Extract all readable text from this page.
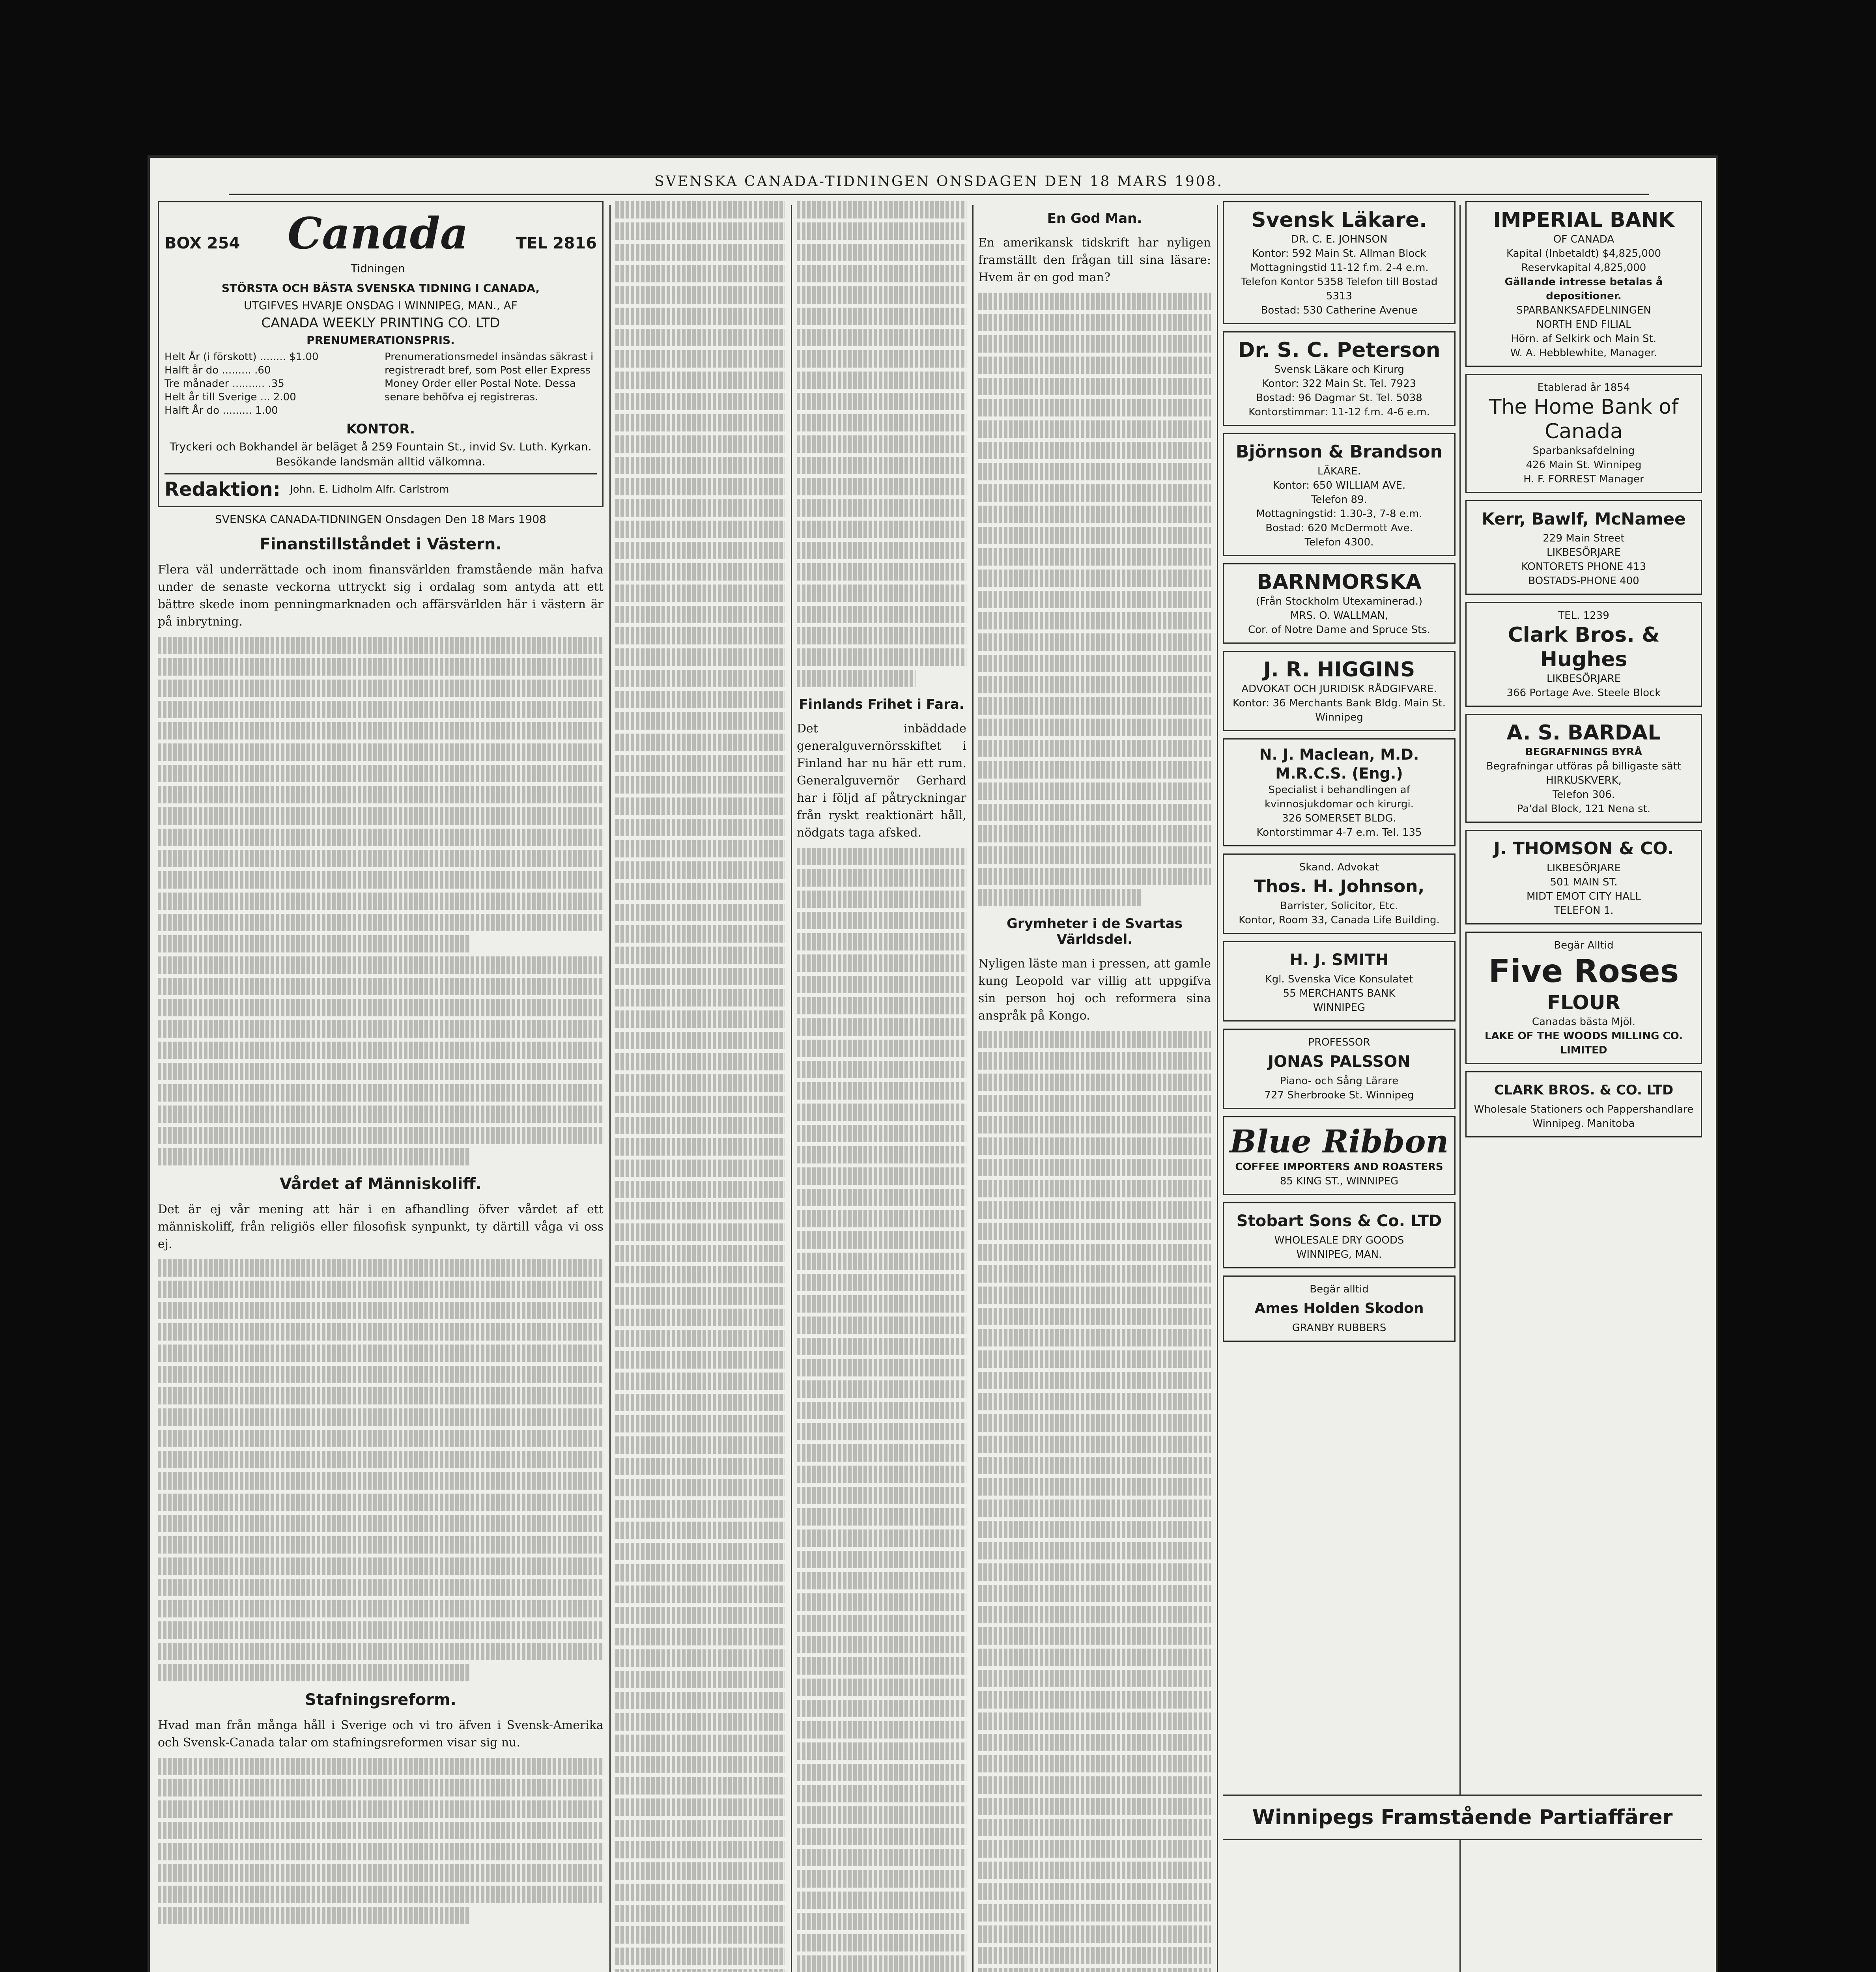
SVENSKA CANADA-TIDNINGEN ONSDAGEN DEN 18 MARS 1908.
BOX 254 Canada
Tidningen
TEL 2816
STÖRSTA OCH BÄSTA SVENSKA TIDNING I CANADA,
UTGIFVES HVARJE ONSDAG I WINNIPEG, MAN., AF
CANADA WEEKLY PRINTING CO. LTD
PRENUMERATIONSPRIS.
Helt År (i förskott) ........ $1.00
Halft år do ......... .60
Tre månader .......... .35
Helt år till Sverige ... 2.00
Halft År do ......... 1.00
Prenumerationsmedel insändas säkrast i registreradt bref, som Post eller Express Money Order eller Postal Note. Dessa senare behöfva ej registreras.
KONTOR.
Tryckeri och Bokhandel är beläget å 259 Fountain St., invid Sv. Luth. Kyrkan. Besökande landsmän alltid välkomna.
Redaktion: John. E. Lidholm Alfr. Carlstrom
SVENSKA CANADA-TIDNINGEN Onsdagen Den 18 Mars 1908
Finanstillståndet i Västern.

Flera väl underrättade och inom finansvärlden framstående män hafva under de senaste veckorna uttryckt sig i ordalag som antyda att ett bättre skede inom penningmarknaden och affärsvärlden här i västern är på inbrytning.

Vårdet af Människoliff.

Det är ej vår mening att här i en afhandling öfver vårdet af ett människoliff, från religiös eller filosofisk synpunkt, ty därtill våga vi oss ej.

Stafningsreform.

Hvad man från många håll i Sverige och vi tro äfven i Svensk-Amerika och Svensk-Canada talar om stafningsreformen visar sig nu.

Finlands Frihet i Fara.

Det inbäddade generalguvernörsskiftet i Finland har nu här ett rum. Generalguvernör Gerhard har i följd af påtryckningar från ryskt reaktionärt håll, nödgats taga afsked.

En God Man.

En amerikansk tidskrift har nyligen framställt den frågan till sina läsare: Hvem är en god man?

Grymheter i de Svartas Världsdel.

Nyligen läste man i pressen, att gamle kung Leopold var villig att uppgifva sin person hoj och reformera sina anspråk på Kongo.

Svensk Läkare.
DR. C. E. JOHNSON
Kontor: 592 Main St. Allman Block
Mottagningstid 11-12 f.m. 2-4 e.m.
Telefon Kontor 5358 Telefon till Bostad 5313
Bostad: 530 Catherine Avenue
Dr. S. C. Peterson
Svensk Läkare och Kirurg
Kontor: 322 Main St. Tel. 7923
Bostad: 96 Dagmar St. Tel. 5038
Kontorstimmar: 11-12 f.m. 4-6 e.m.
Björnson & Brandson
LÄKARE.
Kontor: 650 WILLIAM AVE.
Telefon 89.
Mottagningstid: 1.30-3, 7-8 e.m.
Bostad: 620 McDermott Ave.
Telefon 4300.
BARNMORSKA
(Från Stockholm Utexaminerad.)
MRS. O. WALLMAN,
Cor. of Notre Dame and Spruce Sts.
J. R. HIGGINS
ADVOKAT OCH JURIDISK RÅDGIFVARE.
Kontor: 36 Merchants Bank Bldg. Main St. Winnipeg
N. J. Maclean, M.D. M.R.C.S. (Eng.)
Specialist i behandlingen af kvinnosjukdomar och kirurgi.
326 SOMERSET BLDG.
Kontorstimmar 4-7 e.m. Tel. 135
Skand. Advokat
Thos. H. Johnson,
Barrister, Solicitor, Etc.
Kontor, Room 33, Canada Life Building.
H. J. SMITH
Kgl. Svenska Vice Konsulatet
55 MERCHANTS BANK
WINNIPEG
PROFESSOR
JONAS PALSSON
Piano- och Sång Lärare
727 Sherbrooke St. Winnipeg
Blue Ribbon
COFFEE IMPORTERS AND ROASTERS
85 KING ST., WINNIPEG
Stobart Sons & Co. LTD
WHOLESALE DRY GOODS
WINNIPEG, MAN.
Begär alltid
Ames Holden Skodon
GRANBY RUBBERS
IMPERIAL BANK
OF CANADA
Kapital (Inbetaldt) $4,825,000
Reservkapital 4,825,000
Gällande intresse betalas å depositioner.
SPARBANKSAFDELNINGEN
NORTH END FILIAL
Hörn. af Selkirk och Main St.
W. A. Hebblewhite, Manager.
Etablerad år 1854
The Home Bank of Canada
Sparbanksafdelning
426 Main St. Winnipeg
H. F. FORREST Manager
Kerr, Bawlf, McNamee
229 Main Street
LIKBESÖRJARE
KONTORETS PHONE 413
BOSTADS-PHONE 400
TEL. 1239
Clark Bros. & Hughes
LIKBESÖRJARE
366 Portage Ave. Steele Block
A. S. BARDAL
BEGRAFNINGS BYRÅ
Begrafningar utföras på billigaste sätt
HIRKUSKVERK,
Telefon 306.
Pa'dal Block, 121 Nena st.
J. THOMSON & CO.
LIKBESÖRJARE
501 MAIN ST.
MIDT EMOT CITY HALL
TELEFON 1.
Begär Alltid
Five Roses
FLOUR
Canadas bästa Mjöl.
LAKE OF THE WOODS MILLING CO. LIMITED
CLARK BROS. & CO. LTD
Wholesale Stationers och Pappershandlare
Winnipeg. Manitoba
Winnipegs Framstående Partiaffärer
